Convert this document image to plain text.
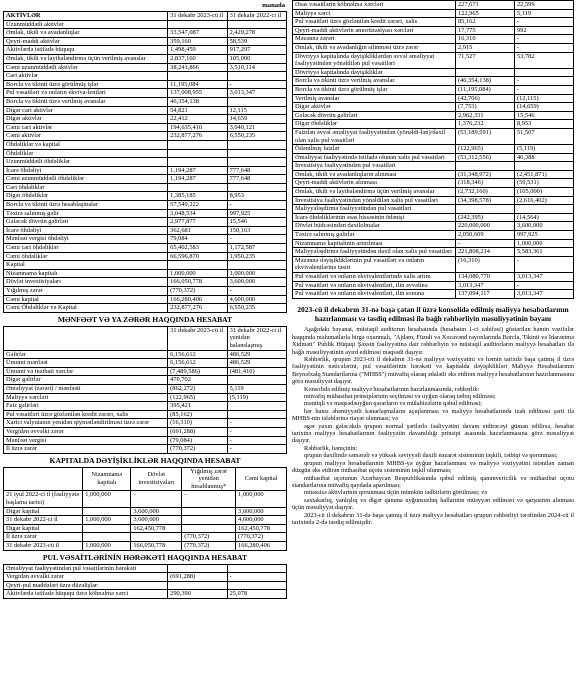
manada
AKTİVLƏR	31 dekabr 2023-cü il	31 dekabr 2022-ci il
Uzunmüddətli aktivlər		
Əmlak, tikili və avadanlıqlar	33,547,087	2,429,278
Qeyri-maddi aktivlər	359,160	58,539
Aktivlərdə istifadə hüququ	1,498,459	917,297
Əmlak, tikili və layihələndirmə üçün verilmiş avanslar	2,837,160	105,000
Cəmi uzunmüddətli aktivlər	38,241,866	3,510,114
Cari aktivlər		
Borcla və tikinti üzrə görülmüş işlər	11,195,084	-
Pul vəsaitləri və onların ekviva-lentləri	137,008,955	3,013,347
Borcla və tikinti üzrə verilmiş avanslar	46,354,138	
Digər cari aktivlər	54,821	12,115
Digər aktivlər	22,412	14,659
Cəmi cari aktivlər	194,635,410	3,040,121
Cəmi aktivlər	232,877,276	6,550,235
Öhdəliklər və kapital		
Öhdəliklər		
Uzunmüddətli öhdəliklər		
İcarə öhdəliyi	1,194,287	777,648
Cəmi uzunmüddətli öhdəliklər	1,194,287	777,648
Cari öhdəliklər		
Digər öhdəliklər	1,385,185	8,953
Borcla və tikinti üzrə hesablaşmalar	57,549,222	-
Təxirə salınmış gəlir	3,048,534	997,925
Gələcək dövrün gəlirləri	2,977,877	15,546
İcarə öhdəliyi	362,681	150,163
Mənfəət vergisi öhdəliyi	79,084	-
Cəmi cari öhdəliklər	65,402,583	1,172,587
Cəmi öhdəliklər	66,596,870	1,950,235
Kapital		
Nizamnamə kapitalı	1,000,000	1,000,000
Dövlət investisiyaları	166,050,778	3,600,000
Yığılmış zərər	(770,372)	-
Cəmi kapital	166,280,406	4,600,000
Cəmi Öhdəliklər və Kapital	232,877,276	6,550,235
MƏNFƏƏT VƏ YA ZƏRƏR HAQQINDA HESABAT
	31 dekabr 2023-cü il	31 dekabr 2022-ci il yenidən balanslaşmış
Gəlirlər	6,156,612	486,529
Ümumi mənfəət	6,156,612	486,529
Ümumi və inzibati xərclər	(7,489,586)	(481,410)
Digər gəlirlər	470,702	
Əməliyyat (zərəri) / mənfəəti	(862,272)	5,119
Maliyyə xərcləri	(122,965)	(5,119)
Faiz gəlirləri	395,421	
Pul vəsaitləri üzrə gözlənilən kredit zərəri, xalis	(85,162)	
Xarici valyutanın yenidən qiymətləndirilməsi üzrə zərər	(16,310)	-
Vergidən əvvəlki zərər	(691,288)	-
Mənfəət vergisi	(79,084)	-
İl üzrə zərər	(770,372)	-
KAPITALDA DƏYİŞİKLİKLƏR HAQQINDA HESABAT
	Nizamnamə kapitalı	Dövlət investisiyaları	Yığılmış zərər yenidən hesablanmış*	Cəmi kapital
21 iyul 2022-ci il (fəaliyyətə başlama tarixi)	1,000,000	-	-	1,000,000
Digər kapital		3,600,000		3,600,000
31 dekabr 2022-ci il	1,000,000	3,600,000		4,600,000
Digər kapital		162,450,778		162,450,778
İl üzrə zərər			(770,372)	(770,372)
31 dekabr 2023-cü il	1,000,000	166,050,778	(770,372)	166,280,406
PUL VƏSAİTLƏRİNİN HƏRƏKƏTİ HAQQINDA HESABAT
Əməliyyat fəaliyyətindən pul vəsaitlərinin hərəkəti		
Vergidən əvvəlki zərər	(691,288)	-
Qeyri-pul maddələri üzrə düzəlişlər:		
Aktivlərdə istifadə hüququ üzrə köhnəlmə xərci	290,390	25,078
Əsas vəsaitlərin köhnəlmə xərcləri	227,671	22,599
Maliyyə xərci	122,965	5,119
Pul vəsaitləri üzrə gözlənilən kredit zərəri, xalis	85,162	-
Qeyri-maddi aktivlərin amortizasiyası xərcləri	17,775	992
Məzənnə zərəri	16,310	-
Əmlak, tikili və avadanlığın silinməsi üzrə zərər	2,915	-
Dövriyyə kapitalında dəyişikliklərdən əvvəl əməliyyat fəaliyyətindən yönəldilən pul vəsaitləri	71,527	53,782
Dövriyyə kapitalında dəyişikliklər		
Borcla və tikinti üzrə verilmiş avanslar	(46,354,138)	-
Borcla və tikinti üzrə görülmüş işlər	(11,195,084)	-
Verilmiş avanslar	(42,706)	(12,115)
Digər aktivlər	(7,753)	(14,659)
Gələcək dövrün gəlirləri	2,962,331	15,546
Digər öhdəliklər	1,376,232	8,953
Faizdən əvvəl əməliyyat fəaliyyətindən (yönəldi-lən)/daxil olan xalis pul vəsaitləri	(53,189,591)	51,507
Ödənilmiş faizlər	(122,965)	(5,119)
Əməliyyat fəaliyyətində istifadə olunan xalis pul vəsaitləri	(53,312,556)	46,388
İnvestisiya fəaliyyətindən pul vəsaitləri		
Əmlak, tikili və avadanlıqların alınması	(31,348,972)	(2,451,871)
Qeyri-maddi aktivlərin alınması	(318,346)	(59,531)
Əmlak, tikili və layihələndirmə üçün verilmiş avanslar	(2,732,160)	(105,000)
İnvestisiya fəaliyyətindən yönəldilən xalis pul vəsaitləri	(34,398,578)	(2,616,402)
Maliyyələşdirmə fəaliyyətindən pul vəsaitləri		
İcarə öhdəliklərinin əsas hissəsinin ödənişi	(242,395)	(14,564)
Dövlət büdcəsindən daxilolmalar	220,000,000	3,600,000
Təxirə salınmış gəlirlər	2,050,609	997,925
Nizamnamə kapitalının artırılması	-	1,000,000
Maliyyələşdirmə fəaliyyətindən daxil olan xalis pul vəsaitləri	221,808,214	5,583,361
Məzənnə dəyişikliklərinin pul vəsaitləri və onların ekvivalentlərinə təsiri	(16,310)	-
Pul vəsaitləri və onların ekvivalentlərində xalis artım	134,080,770	3,013,347
Pul vəsaitləri və onların ekvivalentləri, ilin əvvəlinə	3,013,347	-
Pul vəsaitləri və onların ekvivalentləri, ilin sonuna	137,094,117	3,013,347
2023-cü il dekabrın 31-nə başa çatan il üzrə konsolidə edilmiş maliyyə hesabatlarının hazırlanması və təsdiq edilməsi ilə bağlı rəhbərliyin məsuliyyətinin bəyanı

Aşağıdakı bəyanat, müstəqil auditorun hesabatında (hesabatın 1-ci səhifəsi) göstərilən həmin vəzifələr haqqında məlumatlarla birgə oxunmalı, "Ajdam, Füzuli və Xocavənd rayonlarında Borcla, Tikinti və İdarəetmə Xidməti" Publik Hüquqi Şəxsin fəaliyyətinə dair rəhbərliyin və müstəqil auditorların maliyyə hesabatları ilə bağlı məsuliyyətinin ayırd edilməsi məqsədi daşıyır.

Rəhbərlik, qrupun 2023-cü il dekabrın 31-nə maliyyə vəziyyətini və həmin tarixdə başa çatmış il üzrə fəaliyyətinin nəticələrini, pul vəsaitlərinin hərəkəti və kapitalda dəyişiklikləri Maliyyə Hesabatlarının Beynəlxalq Standartlarına ("MHBS") müvafiq olaraq ədalətli əks etdirən maliyyə hesabatlarının hazırlanmasına görə məsuliyyət daşıyır.

Konsolidə edilmiş maliyyə hesabatlarının hazırlanmasında, rəhbərlik:

müvafiq mühasibat prinsiplərinin seçilməsi və uyğun olaraq tətbiq edilməsi;

məntiqli və məqsədəuyğun qərarların və mülahizələrin qəbul edilməsi;

hər hansı əhəmiyyətli kənarlaşmaların açıqlanması və maliyyə hesabatlarında izah edilməsi şərti ilə MHBS-nin tələblərinə riayət olunması; və

əgər yaxın gələcəkdə qrupun normal şərtlərlə fəaliyyətini davam etdirəcəyi güman edilirsə, hesabat tarixinə maliyyə hesabatlarının fəaliyyətin davamlılığı prinsipi əsasında hazırlanmasına görə məsuliyyət daşıyır.

Rəhbərlik, həmçinin:

qrupun daxilində səmərəli və yüksək səviyyəli daxili nəzarət sisteminin təşkili, tətbiqi və qorunması;

qrupun maliyyə hesabatlarının MHBS-yə uyğun hazırlanması və maliyyə vəziyyətini istənilən zaman düzgün əks etdirən mühasibat uçotu sisteminin təşkil olunması;

mühasibat uçotunun Azərbaycan Respublikasında qəbul edilmiş qanunvericilik və mühasibat uçotu standartlarına müvafiq qaydada aparılması;

müəssisə aktivlərinin qorunması üçün mümkün tədbirlərin görülməsi; və

saxtakarlıq, yanlışlıq və digər qanuna uyğunsuzluq hallarının müəyyən edilməsi və qarşısının alınması üçün məsuliyyət daşıyır.

2023-cü il dekabrın 31-də başa çatmış il üzrə maliyyə hesabatları qrupun rəhbərliyi tərəfindən 2024-cü il tarixində 2-də təsdiq edilmişdir.
